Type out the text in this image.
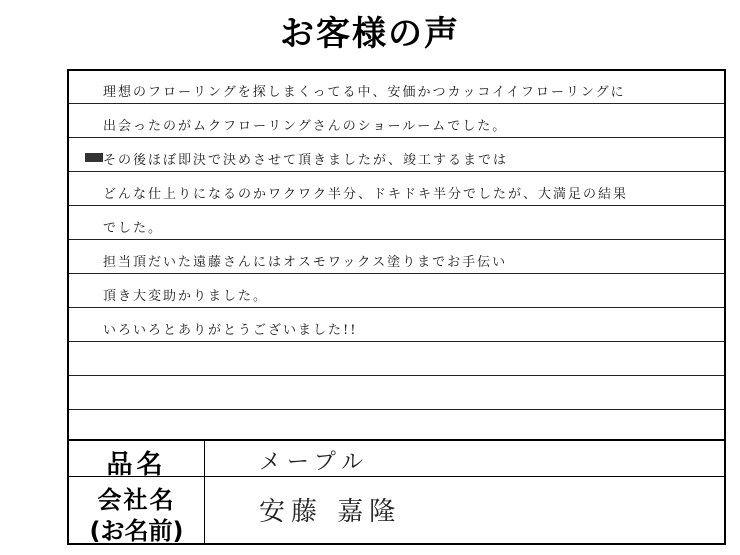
お客様の声
理想のフローリングを探しまくってる中、安価かつカッコイイフローリングに
出会ったのがムクフローリングさんのショールームでした。
その後ほぼ即決で決めさせて頂きましたが、竣工するまでは
どんな仕上りになるのかワクワク半分、ドキドキ半分でしたが、大満足の結果
でした。
担当頂だいた遠藤さんにはオスモワックス塗りまでお手伝い
頂き大変助かりました。
いろいろとありがとうございました!!
品名	メープル
会社名
(お名前)
安藤 嘉隆
